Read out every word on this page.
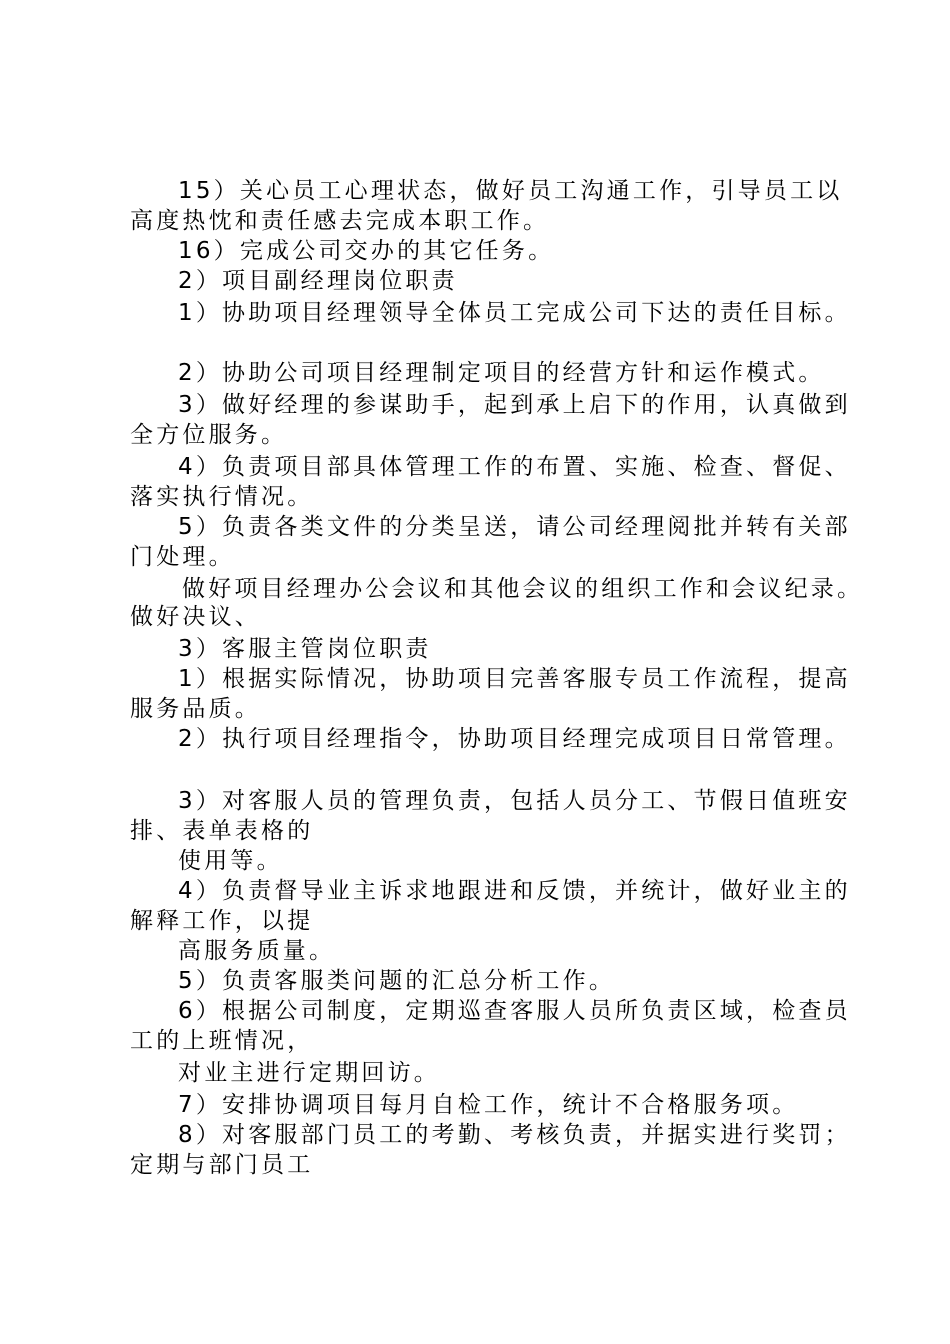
15）关心员工心理状态，做好员工沟通工作，引导员工以
高度热忱和责任感去完成本职工作。
16）完成公司交办的其它任务。
2）项目副经理岗位职责
1）协助项目经理领导全体员工完成公司下达的责任目标。
2）协助公司项目经理制定项目的经营方针和运作模式。
3）做好经理的参谋助手，起到承上启下的作用，认真做到
全方位服务。
4）负责项目部具体管理工作的布置、实施、检查、督促、
落实执行情况。
5）负责各类文件的分类呈送，请公司经理阅批并转有关部
门处理。
做好项目经理办公会议和其他会议的组织工作和会议纪录。
做好决议、
3）客服主管岗位职责
1）根据实际情况，协助项目完善客服专员工作流程，提高
服务品质。
2）执行项目经理指令，协助项目经理完成项目日常管理。
3）对客服人员的管理负责，包括人员分工、节假日值班安
排、表单表格的
使用等。
4）负责督导业主诉求地跟进和反馈，并统计，做好业主的
解释工作，以提
高服务质量。
5）负责客服类问题的汇总分析工作。
6）根据公司制度，定期巡查客服人员所负责区域，检查员
工的上班情况，
对业主进行定期回访。
7）安排协调项目每月自检工作，统计不合格服务项。
8）对客服部门员工的考勤、考核负责，并据实进行奖罚；
定期与部门员工
